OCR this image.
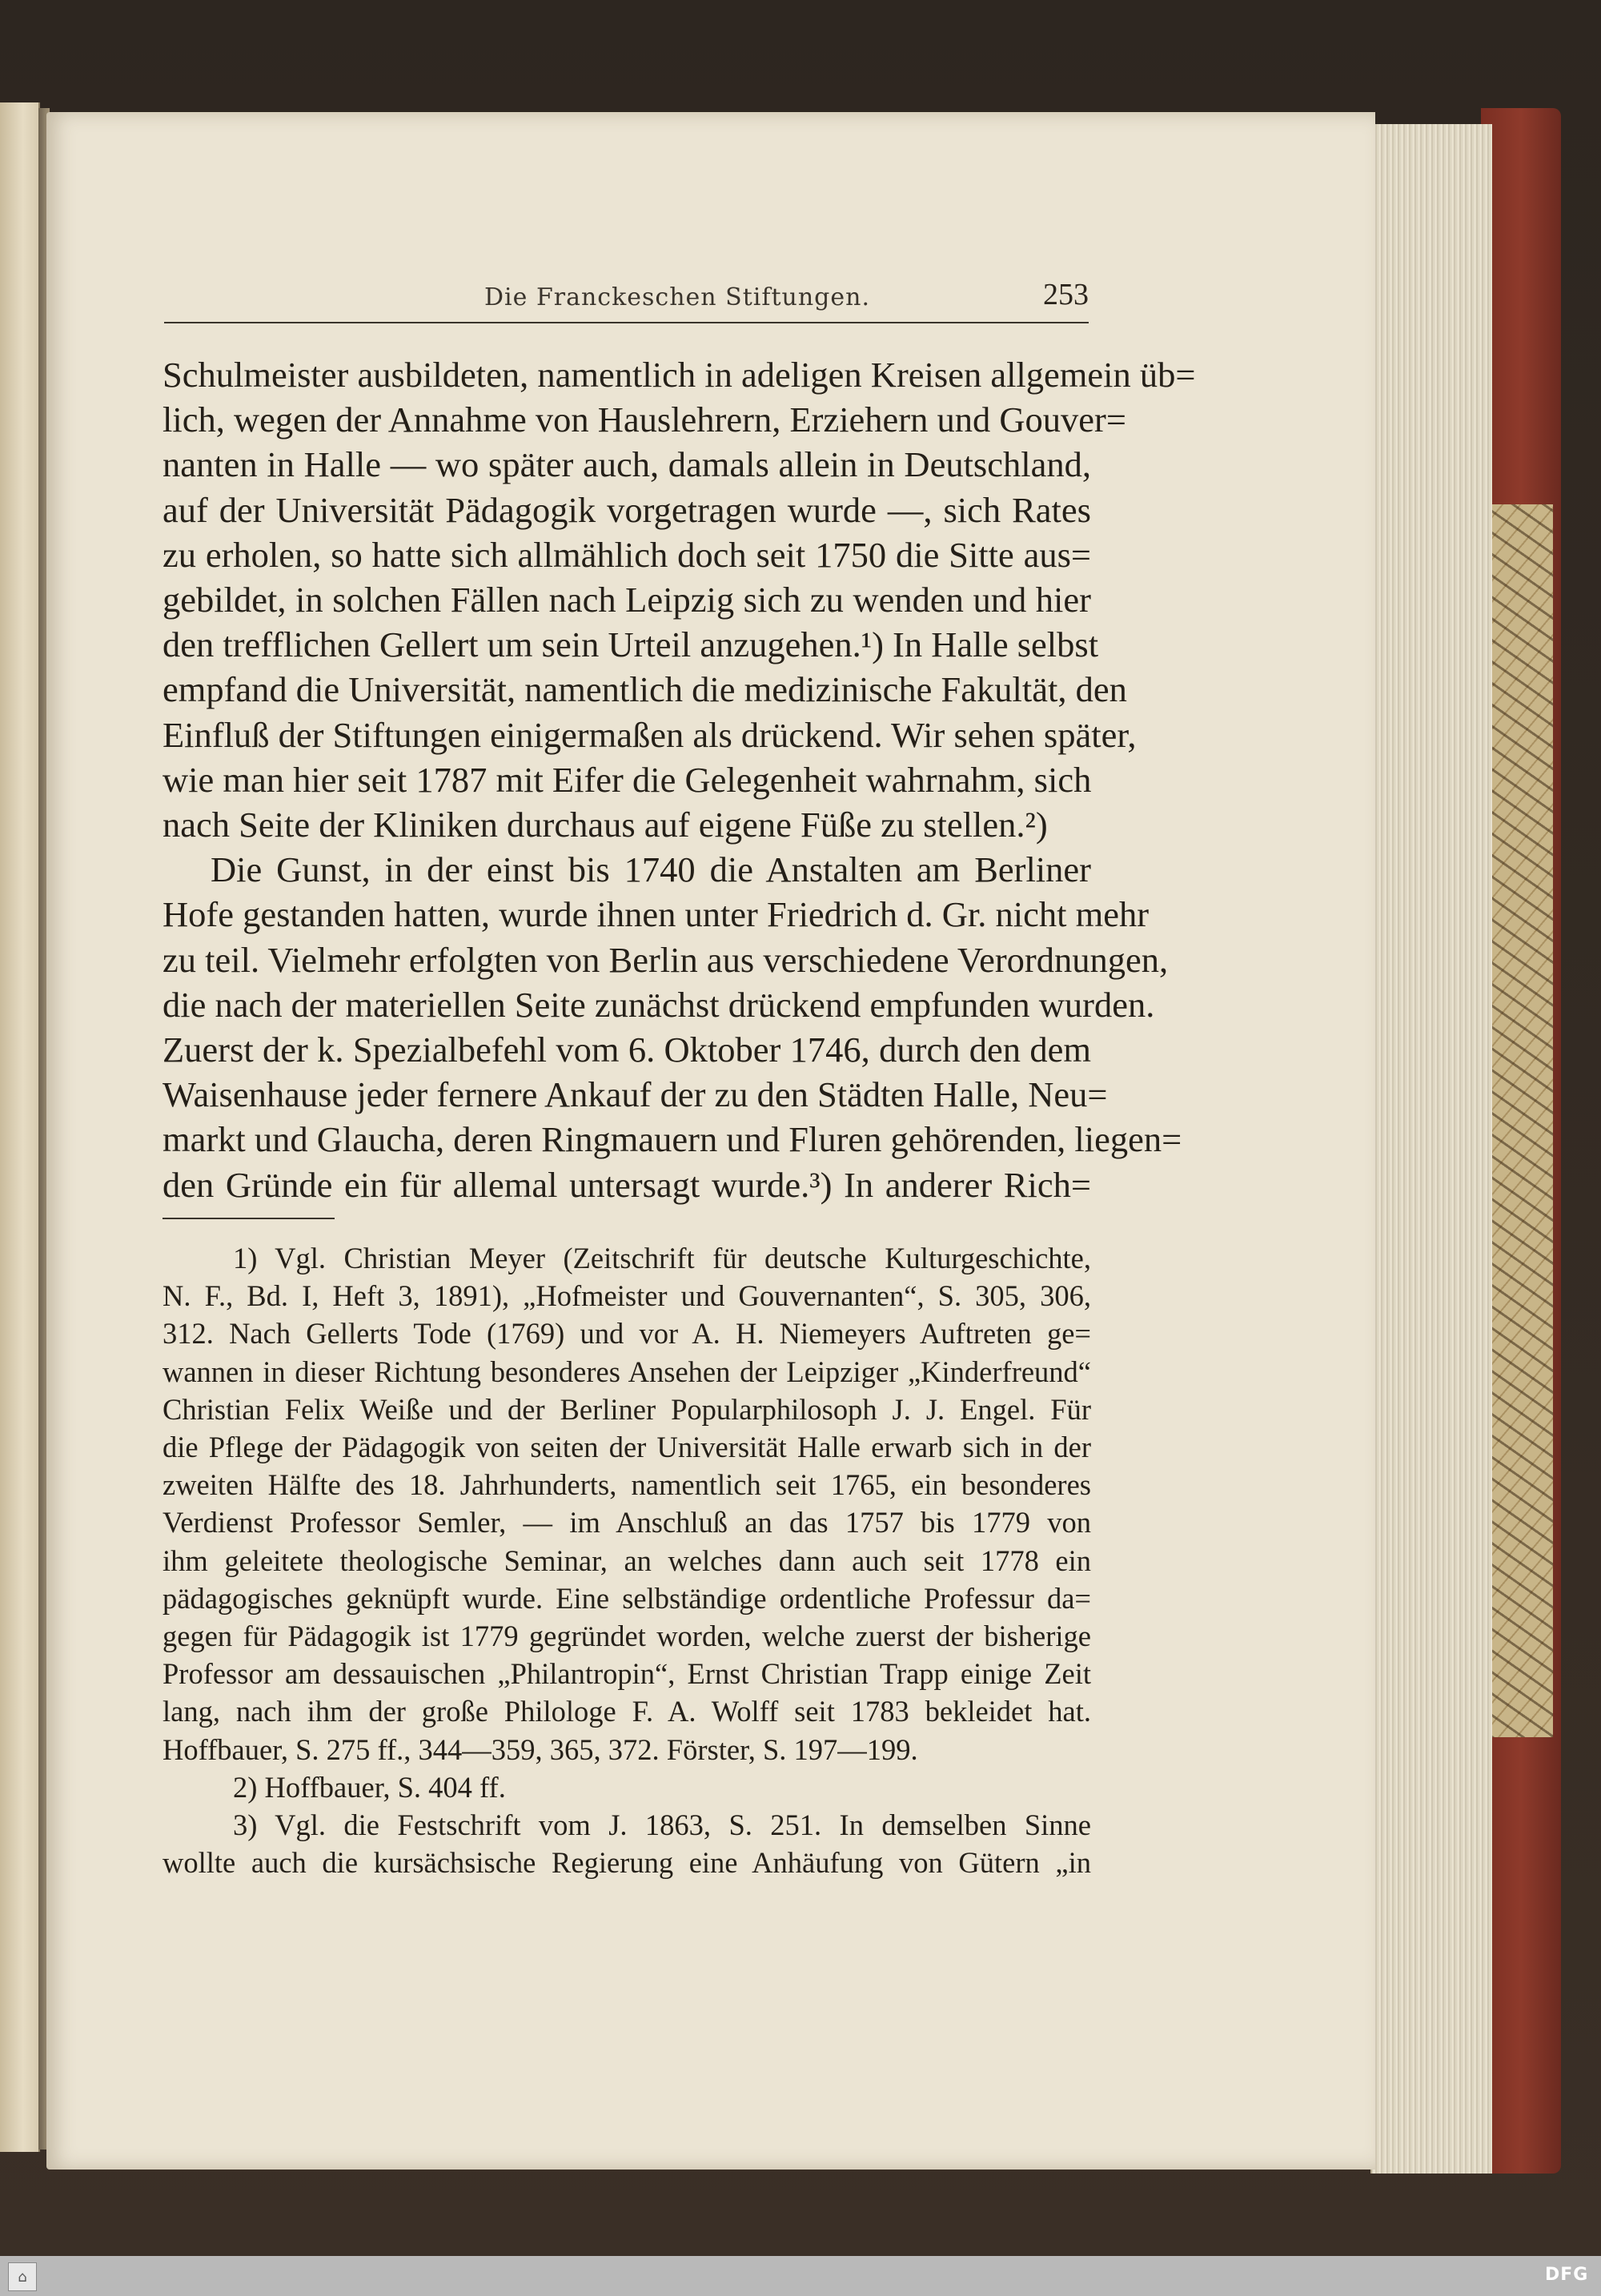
Die Franckeschen Stiftungen.	253
Schulmeister ausbildeten, namentlich in adeligen Kreisen allgemein üb=
lich, wegen der Annahme von Hauslehrern, Erziehern und Gouver=
nanten in Halle — wo später auch, damals allein in Deutschland,
auf der Universität Pädagogik vorgetragen wurde —, sich Rates
zu erholen, so hatte sich allmählich doch seit 1750 die Sitte aus=
gebildet, in solchen Fällen nach Leipzig sich zu wenden und hier
den trefflichen Gellert um sein Urteil anzugehen.¹) In Halle selbst
empfand die Universität, namentlich die medizinische Fakultät, den
Einfluß der Stiftungen einigermaßen als drückend. Wir sehen später,
wie man hier seit 1787 mit Eifer die Gelegenheit wahrnahm, sich
nach Seite der Kliniken durchaus auf eigene Füße zu stellen.²)
Die Gunst, in der einst bis 1740 die Anstalten am Berliner
Hofe gestanden hatten, wurde ihnen unter Friedrich d. Gr. nicht mehr
zu teil. Vielmehr erfolgten von Berlin aus verschiedene Verordnungen,
die nach der materiellen Seite zunächst drückend empfunden wurden.
Zuerst der k. Spezialbefehl vom 6. Oktober 1746, durch den dem
Waisenhause jeder fernere Ankauf der zu den Städten Halle, Neu=
markt und Glaucha, deren Ringmauern und Fluren gehörenden, liegen=
den Gründe ein für allemal untersagt wurde.³) In anderer Rich=
1) Vgl. Christian Meyer (Zeitschrift für deutsche Kulturgeschichte,
N. F., Bd. I, Heft 3, 1891), „Hofmeister und Gouvernanten“, S. 305, 306,
312. Nach Gellerts Tode (1769) und vor A. H. Niemeyers Auftreten ge=
wannen in dieser Richtung besonderes Ansehen der Leipziger „Kinderfreund“
Christian Felix Weiße und der Berliner Popularphilosoph J. J. Engel. Für
die Pflege der Pädagogik von seiten der Universität Halle erwarb sich in der
zweiten Hälfte des 18. Jahrhunderts, namentlich seit 1765, ein besonderes
Verdienst Professor Semler, — im Anschluß an das 1757 bis 1779 von
ihm geleitete theologische Seminar, an welches dann auch seit 1778 ein
pädagogisches geknüpft wurde. Eine selbständige ordentliche Professur da=
gegen für Pädagogik ist 1779 gegründet worden, welche zuerst der bisherige
Professor am dessauischen „Philantropin“, Ernst Christian Trapp einige Zeit
lang, nach ihm der große Philologe F. A. Wolff seit 1783 bekleidet hat.
Hoffbauer, S. 275 ff., 344—359, 365, 372. Förster, S. 197—199.
2) Hoffbauer, S. 404 ff.
3) Vgl. die Festschrift vom J. 1863, S. 251. In demselben Sinne
wollte auch die kursächsische Regierung eine Anhäufung von Gütern „in
⌂	DFG
